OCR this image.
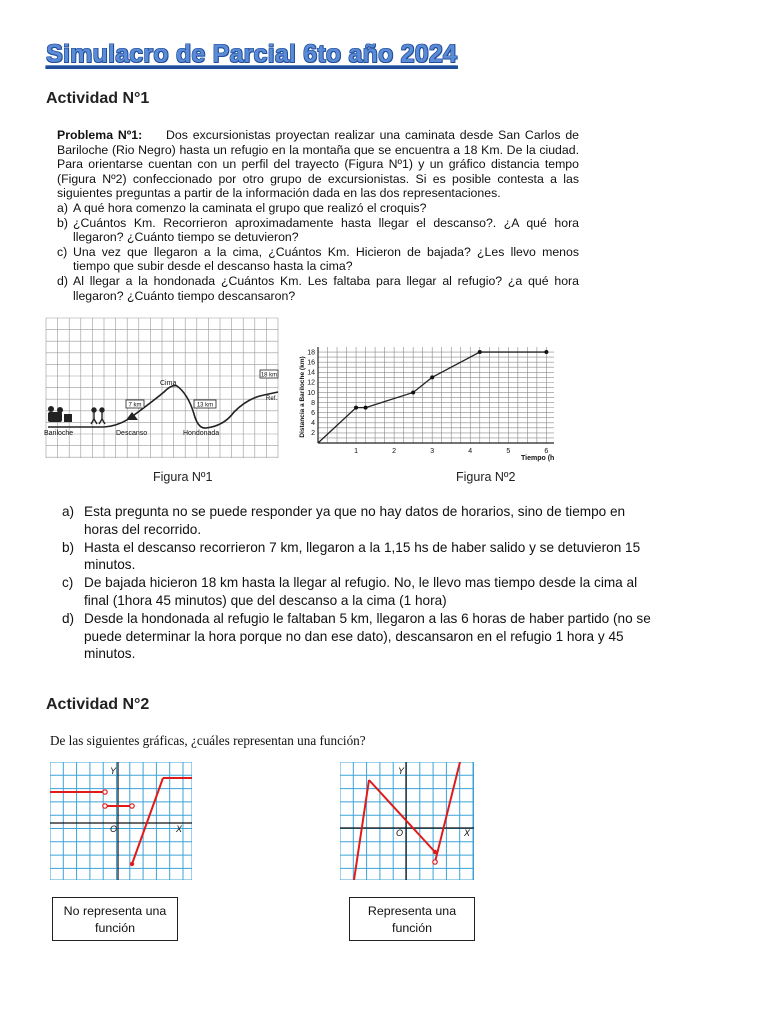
Simulacro de Parcial 6to año 2024
Actividad N°1
Problema Nº1: Dos excursionistas proyectan realizar una caminata desde San Carlos de Bariloche (Rio Negro) hasta un refugio en la montaña que se encuentra a 18 Km. De la ciudad. Para orientarse cuentan con un perfil del trayecto (Figura Nº1) y un gráfico distancia tempo (Figura Nº2) confeccionado por otro grupo de excursionistas. Si es posible contesta a las siguientes preguntas a partir de la información dada en las dos representaciones.
a) A qué hora comenzo la caminata el grupo que realizó el croquis?
b) ¿Cuántos Km. Recorrieron aproximadamente hasta llegar el descanso?. ¿A qué hora llegaron? ¿Cuánto tiempo se detuvieron?
c) Una vez que llegaron a la cima, ¿Cuántos Km. Hicieron de bajada? ¿Les llevo menos tiempo que subir desde el descanso hasta la cima?
d) Al llegar a la hondonada ¿Cuántos Km. Les faltaba para llegar al refugio? ¿a qué hora llegaron? ¿Cuánto tiempo descansaron?
7 km	13 km
18 km
Bariloche	Descanso
Cima
Hondonada
Ref.
Figura Nº1
2
4
6
8
10
12
14
16
18
1	2	3	4	5	6
Distancia a Bariloche (km)
Tiempo (h
Figura Nº2
a) Esta pregunta no se puede responder ya que no hay datos de horarios, sino de tiempo en horas del recorrido.
b) Hasta el descanso recorrieron 7 km, llegaron a la 1,15 hs de haber salido y se detuvieron 15 minutos.
c) De bajada hicieron 18 km hasta la llegar al refugio. No, le llevo mas tiempo desde la cima al final (1hora 45 minutos) que del descanso a la cima (1 hora)
d) Desde la hondonada al refugio le faltaban 5 km, llegaron a las 6 horas de haber partido (no se puede determinar la hora porque no dan ese dato), descansaron en el refugio 1 hora y 45 minutos.
Actividad N°2
De las siguientes gráficas, ¿cuáles representan una función?
Y
X
O
No representa una función
Y
X
O
Representa una función
